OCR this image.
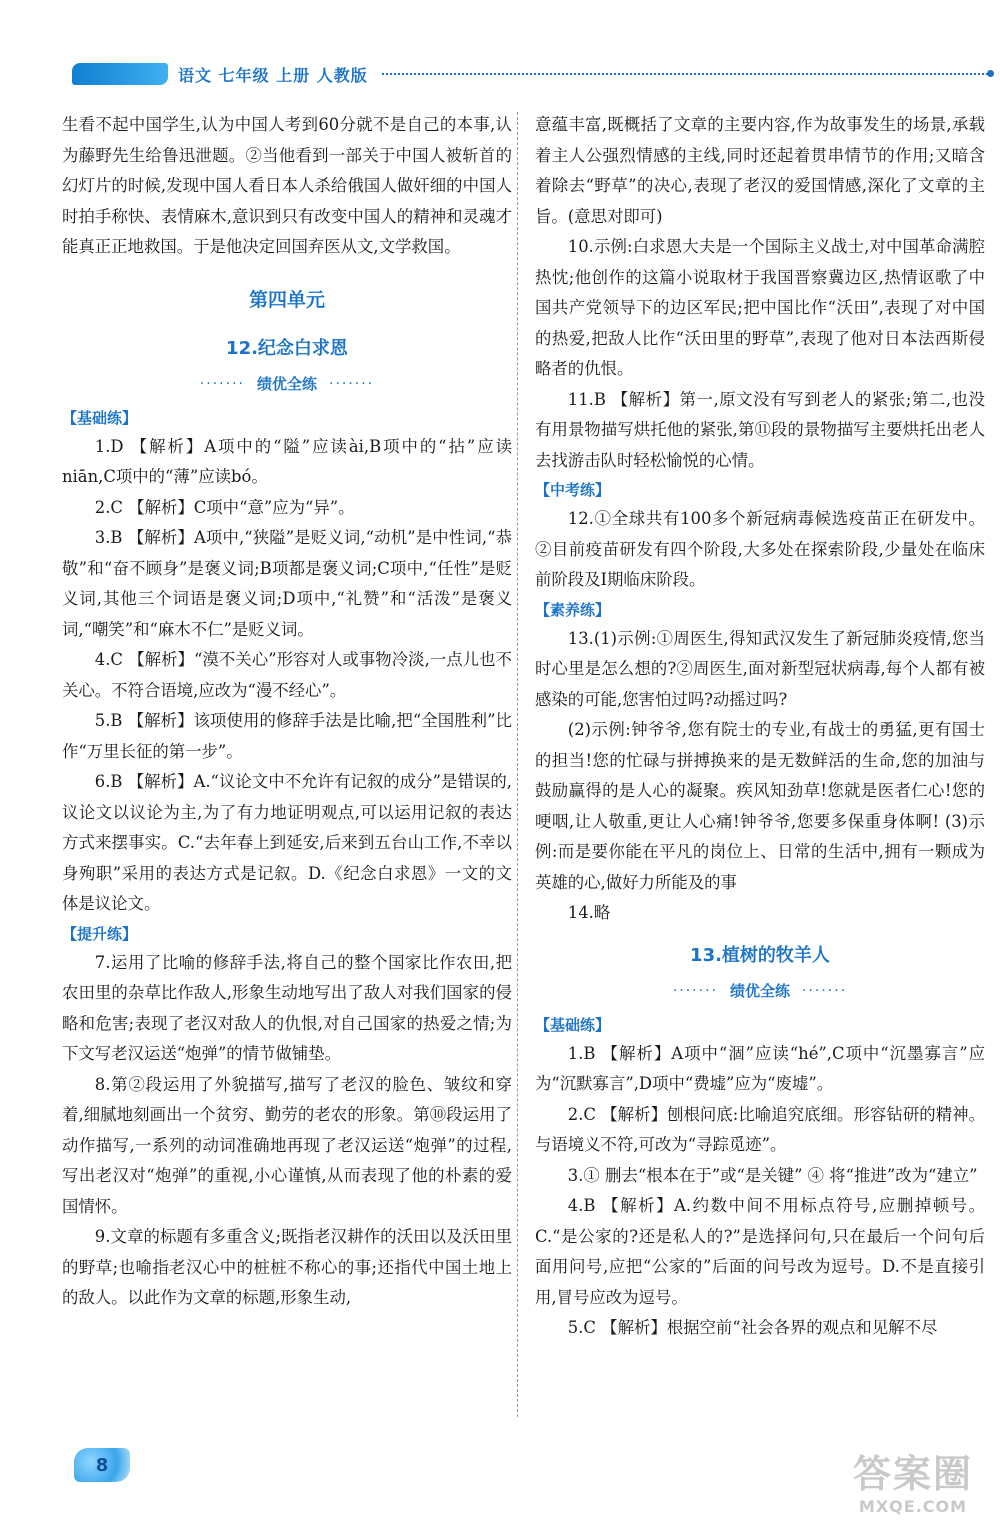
语文 七年级 上册 人教版

生看不起中国学生,认为中国人考到60分就不是自己的本事,认为藤野先生给鲁迅泄题。②当他看到一部关于中国人被斩首的幻灯片的时候,发现中国人看日本人杀给俄国人做奸细的中国人时拍手称快、表情麻木,意识到只有改变中国人的精神和灵魂才能真正正地救国。于是他决定回国弃医从文,文学救国。

第四单元
12.纪念白求恩
······· 绩优全练 ·······
【基础练】

1.D 【解析】A项中的“隘”应读ài,B项中的“拈”应读niān,C项中的“薄”应读bó。

2.C 【解析】C项中“意”应为“异”。

3.B 【解析】A项中,“狭隘”是贬义词,“动机”是中性词,“恭敬”和“奋不顾身”是褒义词;B项都是褒义词;C项中,“任性”是贬义词,其他三个词语是褒义词;D项中,“礼赞”和“活泼”是褒义词,“嘲笑”和“麻木不仁”是贬义词。

4.C 【解析】“漠不关心”形容对人或事物冷淡,一点儿也不关心。不符合语境,应改为“漫不经心”。

5.B 【解析】该项使用的修辞手法是比喻,把“全国胜利”比作“万里长征的第一步”。

6.B 【解析】A.“议论文中不允许有记叙的成分”是错误的,议论文以议论为主,为了有力地证明观点,可以运用记叙的表达方式来摆事实。C.“去年春上到延安,后来到五台山工作,不幸以身殉职”采用的表达方式是记叙。D.《纪念白求恩》一文的文体是议论文。

【提升练】

7.运用了比喻的修辞手法,将自己的整个国家比作农田,把农田里的杂草比作敌人,形象生动地写出了敌人对我们国家的侵略和危害;表现了老汉对敌人的仇恨,对自己国家的热爱之情;为下文写老汉运送“炮弹”的情节做铺垫。

8.第②段运用了外貌描写,描写了老汉的脸色、皱纹和穿着,细腻地刻画出一个贫穷、勤劳的老农的形象。第⑩段运用了动作描写,一系列的动词准确地再现了老汉运送“炮弹”的过程,写出老汉对“炮弹”的重视,小心谨慎,从而表现了他的朴素的爱国情怀。

9.文章的标题有多重含义;既指老汉耕作的沃田以及沃田里的野草;也喻指老汉心中的桩桩不称心的事;还指代中国土地上的敌人。以此作为文章的标题,形象生动,

意蕴丰富,既概括了文章的主要内容,作为故事发生的场景,承载着主人公强烈情感的主线,同时还起着贯串情节的作用;又暗含着除去“野草”的决心,表现了老汉的爱国情感,深化了文章的主旨。(意思对即可)

10.示例:白求恩大夫是一个国际主义战士,对中国革命满腔热忱;他创作的这篇小说取材于我国晋察冀边区,热情讴歌了中国共产党领导下的边区军民;把中国比作“沃田”,表现了对中国的热爱,把敌人比作“沃田里的野草”,表现了他对日本法西斯侵略者的仇恨。

11.B 【解析】第一,原文没有写到老人的紧张;第二,也没有用景物描写烘托他的紧张,第⑪段的景物描写主要烘托出老人去找游击队时轻松愉悦的心情。

【中考练】

12.①全球共有100多个新冠病毒候选疫苗正在研发中。②目前疫苗研发有四个阶段,大多处在探索阶段,少量处在临床前阶段及Ⅰ期临床阶段。

【素养练】

13.(1)示例:①周医生,得知武汉发生了新冠肺炎疫情,您当时心里是怎么想的?②周医生,面对新型冠状病毒,每个人都有被感染的可能,您害怕过吗?动摇过吗?

(2)示例:钟爷爷,您有院士的专业,有战士的勇猛,更有国士的担当!您的忙碌与拼搏换来的是无数鲜活的生命,您的加油与鼓励赢得的是人心的凝聚。疾风知劲草!您就是医者仁心!您的哽咽,让人敬重,更让人心痛!钟爷爷,您要多保重身体啊! (3)示例:而是要你能在平凡的岗位上、日常的生活中,拥有一颗成为英雄的心,做好力所能及的事

14.略

13.植树的牧羊人
······· 绩优全练 ·······
【基础练】

1.B 【解析】A项中“涸”应读“hé”,C项中“沉墨寡言”应为“沉默寡言”,D项中“费墟”应为“废墟”。

2.C 【解析】刨根问底:比喻追究底细。形容钻研的精神。与语境义不符,可改为“寻踪觅迹”。

3.① 删去“根本在于”或“是关键” ④ 将“推进”改为“建立”

4.B 【解析】A.约数中间不用标点符号,应删掉顿号。C.“是公家的?还是私人的?”是选择问句,只在最后一个问句后面用问号,应把“公家的”后面的问号改为逗号。D.不是直接引用,冒号应改为逗号。

5.C 【解析】根据空前“社会各界的观点和见解不尽

8	答案圈
MXQE.COM
